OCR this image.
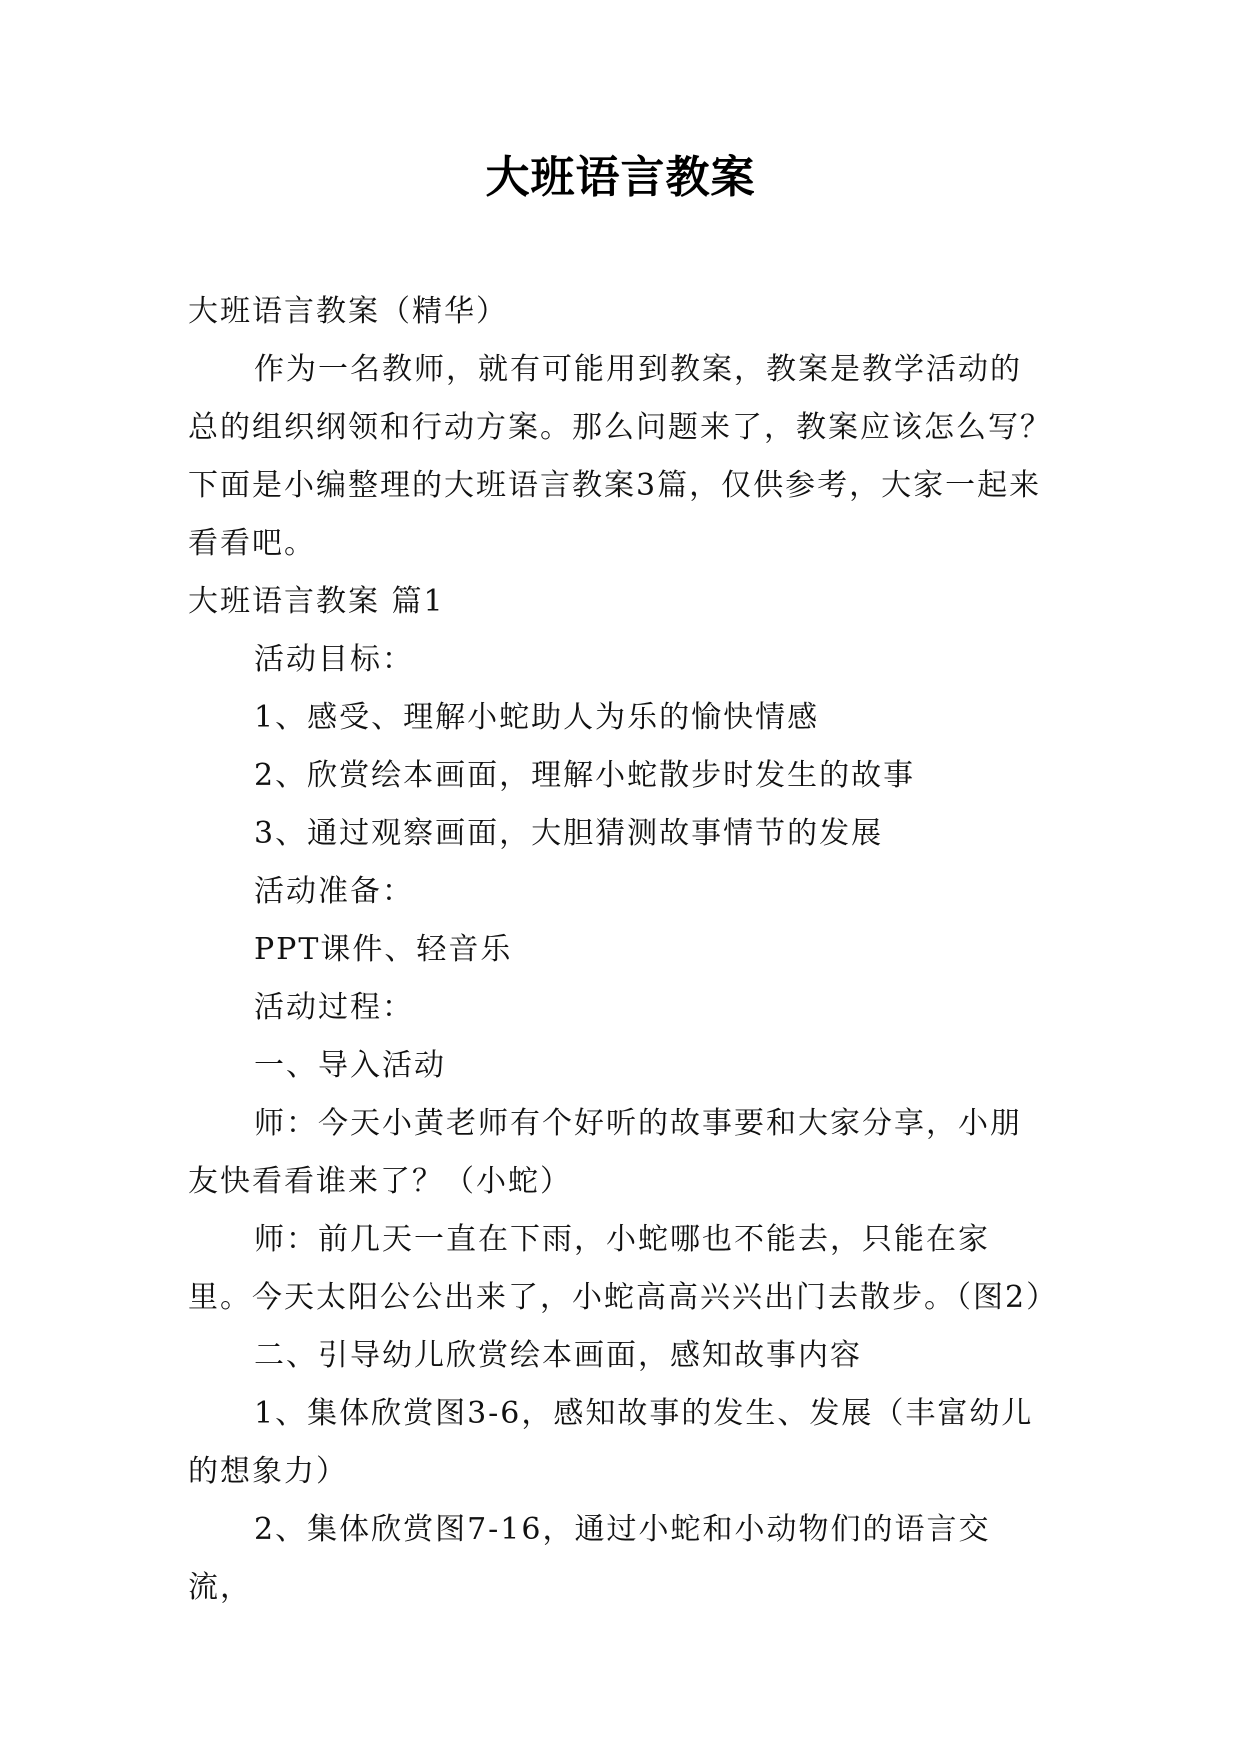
大班语言教案

大班语言教案（精华）

作为一名教师，就有可能用到教案，教案是教学活动的总的组织纲领和行动方案。那么问题来了，教案应该怎么写？下面是小编整理的大班语言教案3篇，仅供参考，大家一起来看看吧。

大班语言教案 篇1

活动目标：

1、感受、理解小蛇助人为乐的愉快情感

2、欣赏绘本画面，理解小蛇散步时发生的故事

3、通过观察画面，大胆猜测故事情节的发展

活动准备：

PPT课件、轻音乐

活动过程：

一、导入活动

师：今天小黄老师有个好听的故事要和大家分享，小朋友快看看谁来了？（小蛇）

师：前几天一直在下雨，小蛇哪也不能去，只能在家里。今天太阳公公出来了，小蛇高高兴兴出门去散步。（图2）

二、引导幼儿欣赏绘本画面，感知故事内容

1、集体欣赏图3-6，感知故事的发生、发展（丰富幼儿的想象力）

2、集体欣赏图7-16，通过小蛇和小动物们的语言交流，
